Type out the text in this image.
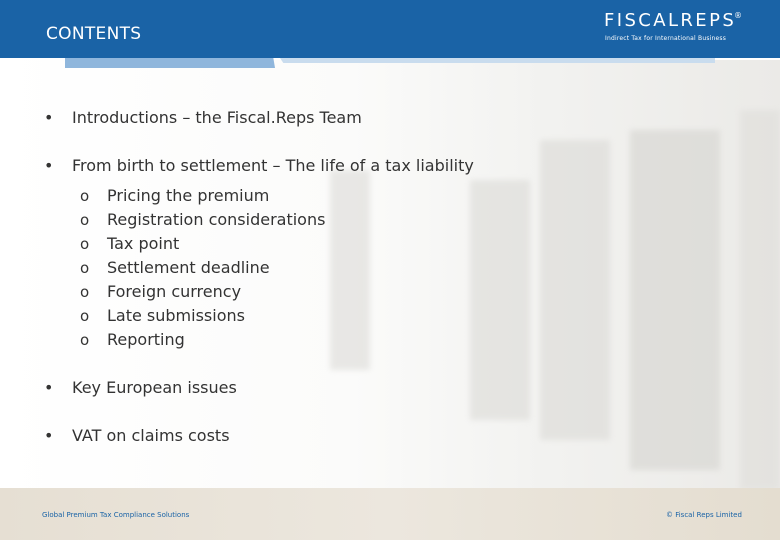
CONTENTS
FISCALREPS
®
Indirect Tax for International Business
• Introductions – the Fiscal.Reps Team
• From birth to settlement – The life of a tax liability
o Pricing the premium
o Registration considerations
o Tax point
o Settlement deadline
o Foreign currency
o Late submissions
o Reporting
• Key European issues
• VAT on claims costs
Global Premium Tax Compliance Solutions	© Fiscal Reps Limited
